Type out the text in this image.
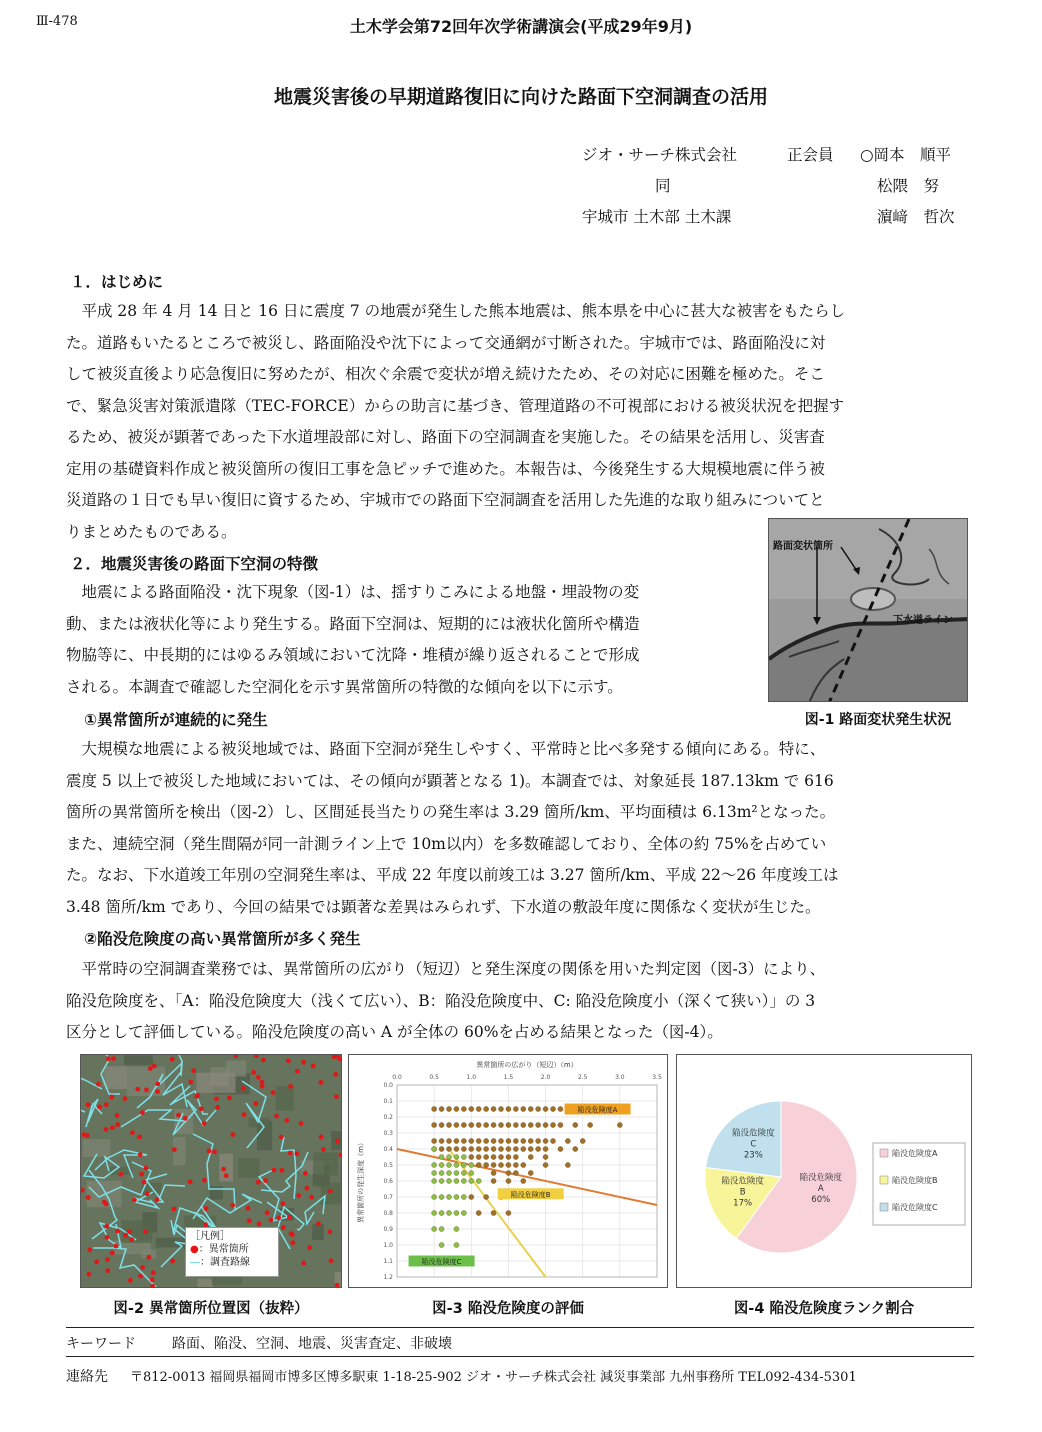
Ⅲ-478	土木学会第72回年次学術講演会(平成29年9月)
地震災害後の早期道路復旧に向けた路面下空洞調査の活用
ジオ・サーチ株式会社	正会員 ○岡本　順平
同	松隈　努
宇城市 土木部 土木課	濵﨑　哲次
１．はじめに
　平成 28 年 4 月 14 日と 16 日に震度 7 の地震が発生した熊本地震は、熊本県を中心に甚大な被害をもたらし
た。道路もいたるところで被災し、路面陥没や沈下によって交通網が寸断された。宇城市では、路面陥没に対
して被災直後より応急復旧に努めたが、相次ぐ余震で変状が増え続けたため、その対応に困難を極めた。そこ
で、緊急災害対策派遣隊（TEC-FORCE）からの助言に基づき、管理道路の不可視部における被災状況を把握す
るため、被災が顕著であった下水道埋設部に対し、路面下の空洞調査を実施した。その結果を活用し、災害査
定用の基礎資料作成と被災箇所の復旧工事を急ピッチで進めた。本報告は、今後発生する大規模地震に伴う被
災道路の１日でも早い復旧に資するため、宇城市での路面下空洞調査を活用した先進的な取り組みについてと
りまとめたものである。
２．地震災害後の路面下空洞の特徴
　地震による路面陥没・沈下現象（図-1）は、揺すりこみによる地盤・埋設物の変
動、または液状化等により発生する。路面下空洞は、短期的には液状化箇所や構造
物脇等に、中長期的にはゆるみ領域において沈降・堆積が繰り返されることで形成
される。本調査で確認した空洞化を示す異常箇所の特徴的な傾向を以下に示す。
路面変状箇所
下水道ライン
図-1 路面変状発生状況
①異常箇所が連続的に発生
　大規模な地震による被災地域では、路面下空洞が発生しやすく、平常時と比べ多発する傾向にある。特に、
震度 5 以上で被災した地域においては、その傾向が顕著となる 1)。本調査では、対象延長 187.13km で 616
箇所の異常箇所を検出（図-2）し、区間延長当たりの発生率は 3.29 箇所/km、平均面積は 6.13m²となった。
また、連続空洞（発生間隔が同一計測ライン上で 10m以内）を多数確認しており、全体の約 75%を占めてい
た。なお、下水道竣工年別の空洞発生率は、平成 22 年度以前竣工は 3.27 箇所/km、平成 22～26 年度竣工は
3.48 箇所/km であり、今回の結果では顕著な差異はみられず、下水道の敷設年度に関係なく変状が生じた。
②陥没危険度の高い異常箇所が多く発生
　平常時の空洞調査業務では、異常箇所の広がり（短辺）と発生深度の関係を用いた判定図（図-3）により、
陥没危険度を、「A：陥没危険度大（浅くて広い）、B：陥没危険度中、C: 陥没危険度小（深くて狭い）」の 3
区分として評価している。陥没危険度の高い A が全体の 60%を占める結果となった（図-4）。
［凡例］
●：異常箇所
―：調査路線
図-2 異常箇所位置図（抜粋）
異常箇所の広がり（短辺）（m）
異常箇所の発生深度（m）
0.0	0.5	1.0	1.5	2.0	2.5	3.0	3.5
0.0
0.1
0.2
0.3
0.4
0.5
0.6
0.7
0.8
0.9
1.0
1.1
1.2
陥没危険度A
陥没危険度B
陥没危険度C
図-3 陥没危険度の評価
陥没危険度
A
60%
陥没危険度
B
17%
陥没危険度
C
23%	陥没危険度A
陥没危険度B
陥没危険度C
図-4 陥没危険度ランク割合
キーワード	路面、陥没、空洞、地震、災害査定、非破壊
連絡先 〒812-0013 福岡県福岡市博多区博多駅東 1-18-25-902 ジオ・サーチ株式会社 減災事業部 九州事務所 TEL092-434-5301
